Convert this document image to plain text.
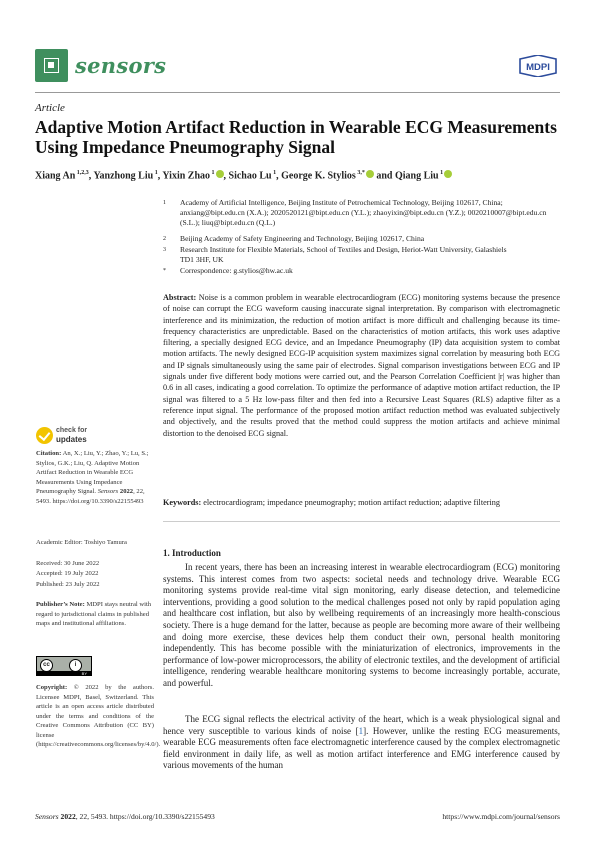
sensors	MDPI
Article
Adaptive Motion Artifact Reduction in Wearable ECG Measurements Using Impedance Pneumography Signal
Xiang An $^{1,2,3}$, Yanzhong Liu $^1$, Yixin Zhao $^1$ , Sichao Lu $^1$, George K. Stylios $^{3,*}$ and Qiang Liu $^1$
1 Academy of Artificial Intelligence, Beijing Institute of Petrochemical Technology, Beijing 102617, China; anxiang@bipt.edu.cn (X.A.); 2020520121@bipt.edu.cn (Y.L.); zhaoyixin@bipt.edu.cn (Y.Z.); 0020210007@bipt.edu.cn (S.L.); liuq@bipt.edu.cn (Q.L.)
2 Beijing Academy of Safety Engineering and Technology, Beijing 102617, China
3 Research Institute for Flexible Materials, School of Textiles and Design, Heriot-Watt University, Galashiels TD1 3HF, UK
* Correspondence: g.stylios@hw.ac.uk
Abstract: Noise is a common problem in wearable electrocardiogram (ECG) monitoring systems because the presence of noise can corrupt the ECG waveform causing inaccurate signal interpretation. By comparison with electromagnetic interference and its minimization, the reduction of motion artifact is more difficult and challenging because its time-frequency characteristics are unpredictable. Based on the characteristics of motion artifacts, this work uses adaptive filtering, a specially designed ECG device, and an Impedance Pneumography (IP) data acquisition system to combat motion artifacts. The newly designed ECG-IP acquisition system maximizes signal correlation by measuring both ECG and IP signals simultaneously using the same pair of electrodes. Signal comparison investigations between ECG and IP signals under five different body motions were carried out, and the Pearson Correlation Coefficient |r| was higher than 0.6 in all cases, indicating a good correlation. To optimize the performance of adaptive motion artifact reduction, the IP signal was filtered to a 5 Hz low-pass filter and then fed into a Recursive Least Squares (RLS) adaptive filter as a reference input signal. The performance of the proposed motion artifact reduction method was evaluated subjectively and objectively, and the results proved that the method could suppress the motion artifacts and achieve minimal distortion to the denoised ECG signal.
Keywords: electrocardiogram; impedance pneumography; motion artifact reduction; adaptive filtering
1. Introduction

In recent years, there has been an increasing interest in wearable electrocardiogram (ECG) monitoring systems. This interest comes from two aspects: societal needs and technology drive. Wearable ECG monitoring systems provide real-time vital sign monitoring, early disease detection, and telemedicine interventions, providing a good solution to the medical challenges posed not only by rapid population aging and healthcare cost inflation, but also by wellbeing requirements of an increasingly more health-conscious society. There is a huge demand for the latter, because as people are becoming more aware of their wellbeing and doing more exercise, these devices help them conduct their own, personal health monitoring independently. This has become possible with the miniaturization of electronics, improvements in the performance of low-power microprocessors, the ability of electronic textiles, and the development of artificial intelligence, rendering wearable healthcare monitoring systems to become increasingly portable, accurate, and powerful.

The ECG signal reflects the electrical activity of the heart, which is a weak physiological signal and hence very susceptible to various kinds of noise [1]. However, unlike the resting ECG measurements, wearable ECG measurements often face electromagnetic interference caused by the complex electromagnetic field environment in daily life, as well as motion artifact interference and EMG interference caused by various movements of the human

check for
updates
Citation: An, X.; Liu, Y.; Zhao, Y.; Lu, S.; Stylios, G.K.; Liu, Q. Adaptive Motion Artifact Reduction in Wearable ECG Measurements Using Impedance Pneumography Signal. Sensors 2022, 22, 5493. https://doi.org/10.3390/s22155493
Academic Editor: Toshiyo Tamura
Received: 30 June 2022
Accepted: 19 July 2022
Published: 23 July 2022
Publisher’s Note: MDPI stays neutral with regard to jurisdictional claims in published maps and institutional affiliations.
cc	i
BY
Copyright: © 2022 by the authors. Licensee MDPI, Basel, Switzerland. This article is an open access article distributed under the terms and conditions of the Creative Commons Attribution (CC BY) license (https://creativecommons.org/licenses/by/4.0/).
Sensors 2022, 22, 5493. https://doi.org/10.3390/s22155493	https://www.mdpi.com/journal/sensors
